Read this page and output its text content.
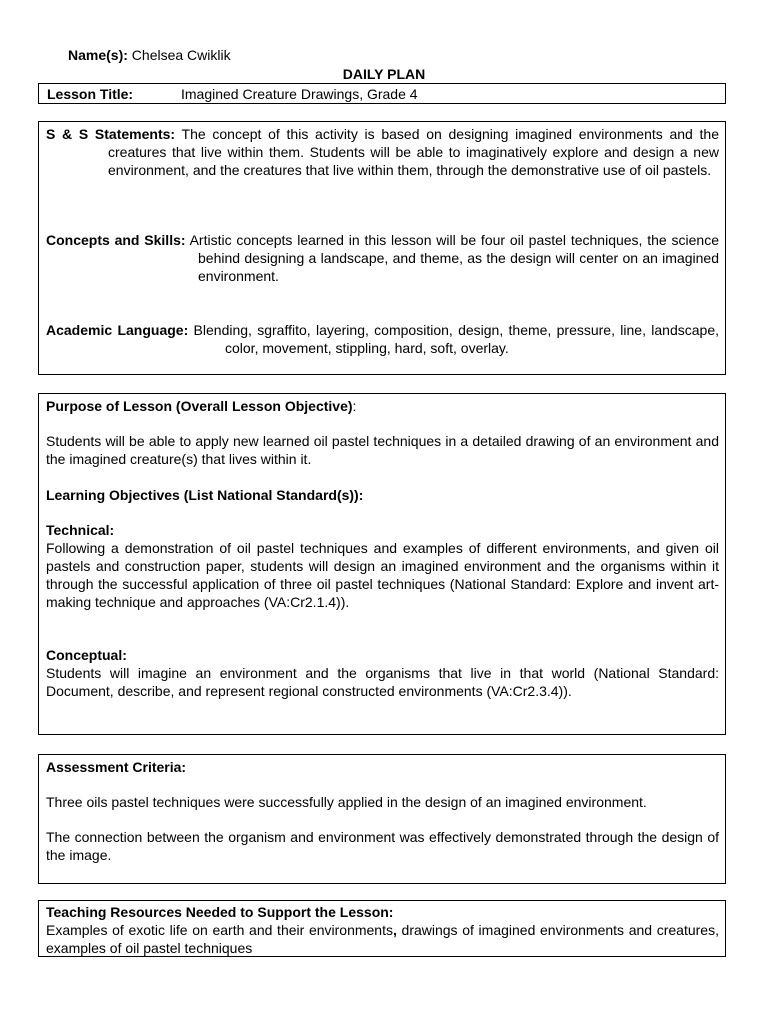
Name(s): Chelsea Cwiklik
DAILY PLAN
Lesson Title:	Imagined Creature Drawings, Grade 4

S & S Statements: The concept of this activity is based on designing imagined environments and the creatures that live within them. Students will be able to imaginatively explore and design a new environment, and the creatures that live within them, through the demonstrative use of oil pastels.

Concepts and Skills: Artistic concepts learned in this lesson will be four oil pastel techniques, the science behind designing a landscape, and theme, as the design will center on an imagined environment.

Academic Language: Blending, sgraffito, layering, composition, design, theme, pressure, line, landscape, color, movement, stippling, hard, soft, overlay.

Purpose of Lesson (Overall Lesson Objective):

Students will be able to apply new learned oil pastel techniques in a detailed drawing of an environment and the imagined creature(s) that lives within it.

Learning Objectives (List National Standard(s)):
Technical:

Following a demonstration of oil pastel techniques and examples of different environments, and given oil pastels and construction paper, students will design an imagined environment and the organisms within it through the successful application of three oil pastel techniques (National Standard: Explore and invent art-making technique and approaches (VA:Cr2.1.4)).

Conceptual:

Students will imagine an environment and the organisms that live in that world (National Standard: Document, describe, and represent regional constructed environments (VA:Cr2.3.4)).

Assessment Criteria:

Three oils pastel techniques were successfully applied in the design of an imagined environment.

The connection between the organism and environment was effectively demonstrated through the design of the image.

Teaching Resources Needed to Support the Lesson:

Examples of exotic life on earth and their environments, drawings of imagined environments and creatures, examples of oil pastel techniques
